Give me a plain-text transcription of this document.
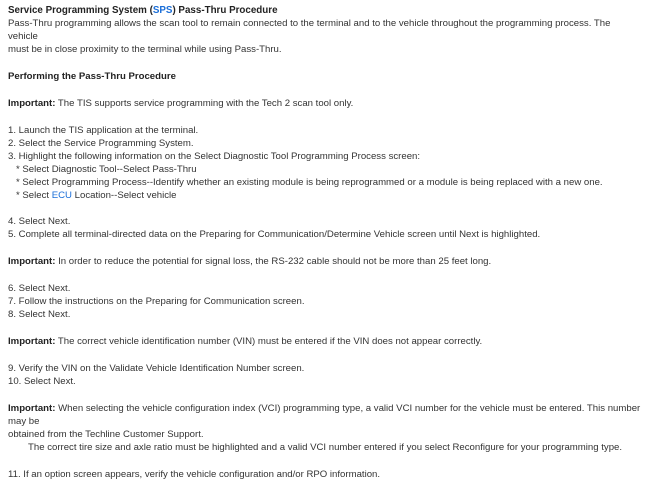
Service Programming System (SPS) Pass-Thru Procedure

Pass-Thru programming allows the scan tool to remain connected to the terminal and to the vehicle throughout the programming process. The vehicle

must be in close proximity to the terminal while using Pass-Thru.

Performing the Pass-Thru Procedure

Important: The TIS supports service programming with the Tech 2 scan tool only.

1. Launch the TIS application at the terminal.

2. Select the Service Programming System.

3. Highlight the following information on the Select Diagnostic Tool Programming Process screen:

* Select Diagnostic Tool--Select Pass-Thru

* Select Programming Process--Identify whether an existing module is being reprogrammed or a module is being replaced with a new one.

* Select ECU Location--Select vehicle

4. Select Next.

5. Complete all terminal-directed data on the Preparing for Communication/Determine Vehicle screen until Next is highlighted.

Important: In order to reduce the potential for signal loss, the RS-232 cable should not be more than 25 feet long.

6. Select Next.

7. Follow the instructions on the Preparing for Communication screen.

8. Select Next.

Important: The correct vehicle identification number (VIN) must be entered if the VIN does not appear correctly.

9. Verify the VIN on the Validate Vehicle Identification Number screen.

10. Select Next.

Important: When selecting the vehicle configuration index (VCI) programming type, a valid VCI number for the vehicle must be entered. This number may be

obtained from the Techline Customer Support.

The correct tire size and axle ratio must be highlighted and a valid VCI number entered if you select Reconfigure for your programming type.

11. If an option screen appears, verify the vehicle configuration and/or RPO information.
